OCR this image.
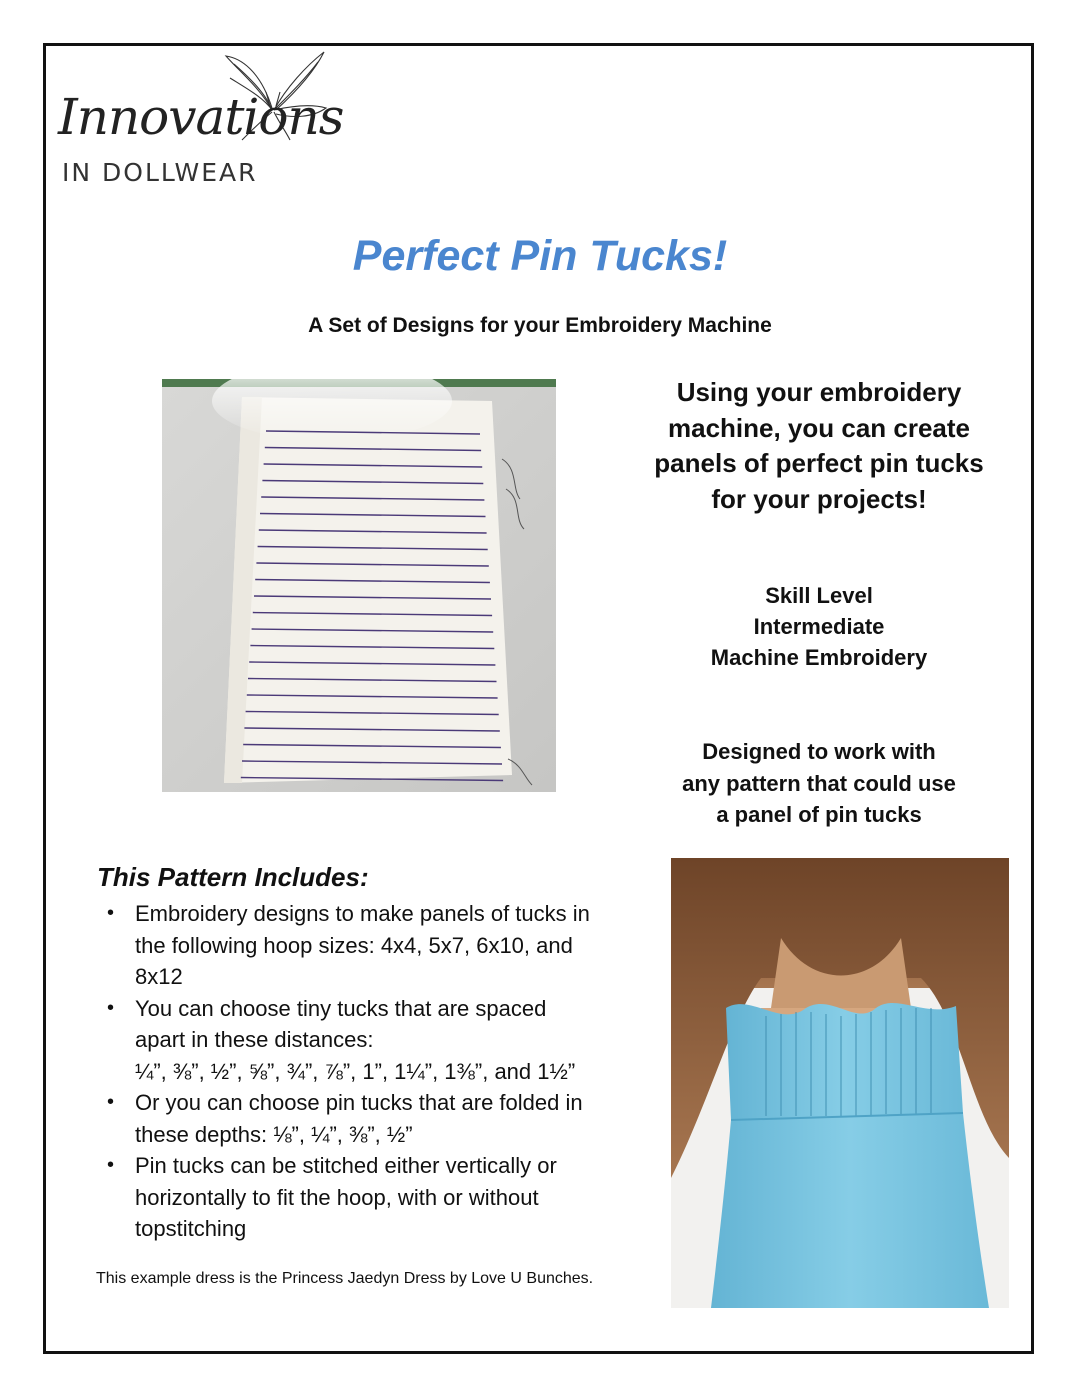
Innovations
IN DOLLWEAR
Perfect Pin Tucks!
A Set of Designs for your Embroidery Machine
Using your embroidery
machine, you can create
panels of perfect pin tucks
for your projects!
Skill Level
Intermediate
Machine Embroidery
Designed to work with
any pattern that could use
a panel of pin tucks
This Pattern Includes:
• Embroidery designs to make panels of tucks in
the following hoop sizes: 4x4, 5x7, 6x10, and
8x12
• You can choose tiny tucks that are spaced
apart in these distances:
¼”, ⅜”, ½”, ⅝”, ¾”, ⅞”, 1”, 1¼”, 1⅜”, and 1½”
• Or you can choose pin tucks that are folded in
these depths: ⅛”, ¼”, ⅜”, ½”
• Pin tucks can be stitched either vertically or
horizontally to fit the hoop, with or without
topstitching
This example dress is the Princess Jaedyn Dress by Love U Bunches.
